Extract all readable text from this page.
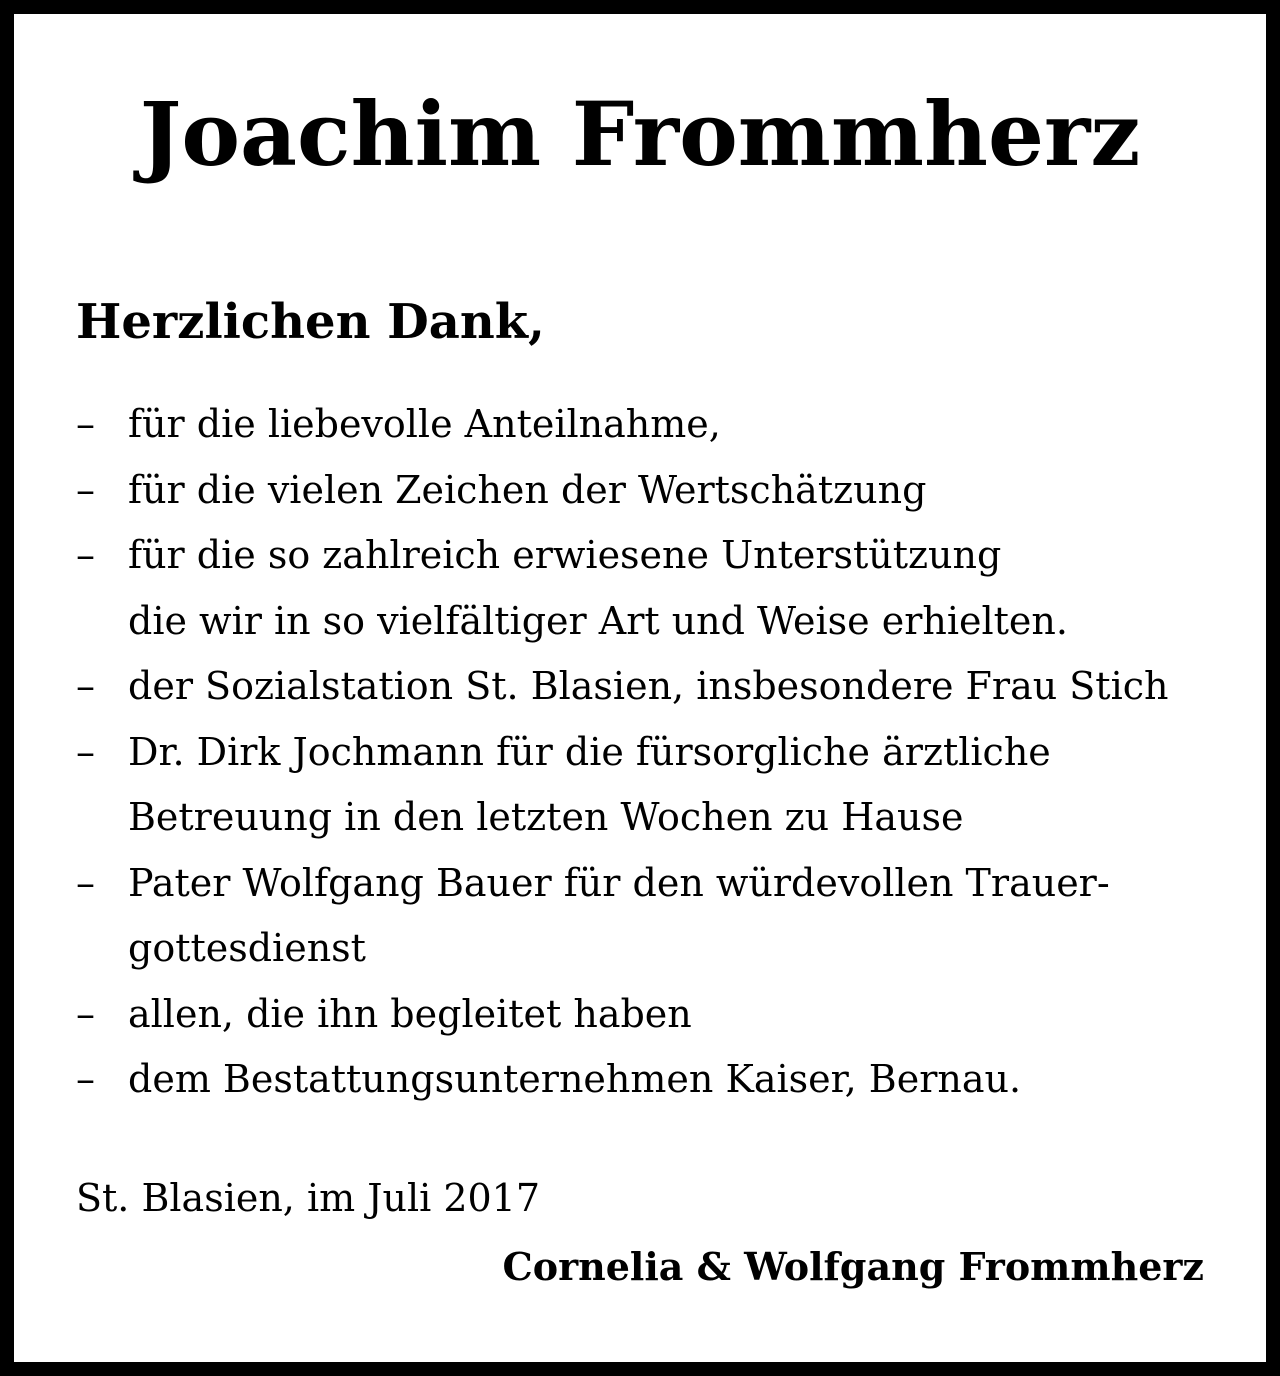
Joachim Frommherz
Herzlichen Dank,
– für die liebevolle Anteilnahme,
– für die vielen Zeichen der Wertschätzung
– für die so zahlreich erwiesene Unterstützung
die wir in so vielfältiger Art und Weise erhielten.
– der Sozialstation St. Blasien, insbesondere Frau Stich
– Dr. Dirk Jochmann für die fürsorgliche ärztliche
Betreuung in den letzten Wochen zu Hause
– Pater Wolfgang Bauer für den würdevollen Trauer-
gottesdienst
– allen, die ihn begleitet haben
– dem Bestattungsunternehmen Kaiser, Bernau.
St. Blasien, im Juli 2017
Cornelia & Wolfgang Frommherz
